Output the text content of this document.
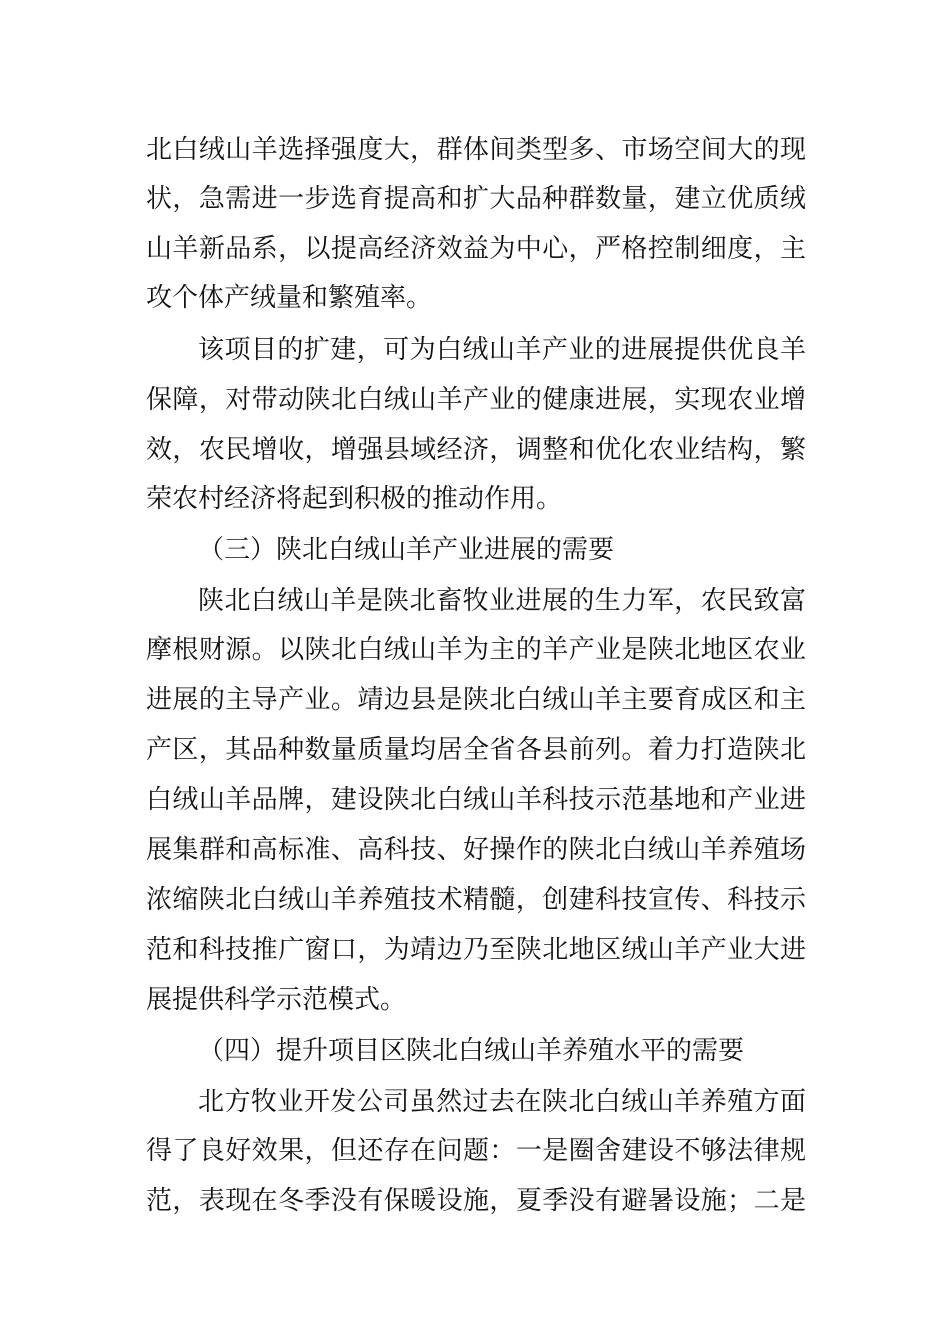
北白绒山羊选择强度大，群体间类型多、市场空间大的现
状，急需进一步选育提高和扩大品种群数量，建立优质绒
山羊新品系，以提高经济效益为中心，严格控制细度，主
攻个体产绒量和繁殖率。
该项目的扩建，可为白绒山羊产业的进展提供优良羊
保障，对带动陕北白绒山羊产业的健康进展，实现农业增
效，农民增收，增强县域经济，调整和优化农业结构，繁
荣农村经济将起到积极的推动作用。
（三）陕北白绒山羊产业进展的需要
陕北白绒山羊是陕北畜牧业进展的生力军，农民致富
摩根财源。以陕北白绒山羊为主的羊产业是陕北地区农业
进展的主导产业。靖边县是陕北白绒山羊主要育成区和主
产区，其品种数量质量均居全省各县前列。着力打造陕北
白绒山羊品牌，建设陕北白绒山羊科技示范基地和产业进
展集群和高标准、高科技、好操作的陕北白绒山羊养殖场
浓缩陕北白绒山羊养殖技术精髓，创建科技宣传、科技示
范和科技推广窗口，为靖边乃至陕北地区绒山羊产业大进
展提供科学示范模式。
（四）提升项目区陕北白绒山羊养殖水平的需要
北方牧业开发公司虽然过去在陕北白绒山羊养殖方面
得了良好效果，但还存在问题：一是圈舍建设不够法律规
范，表现在冬季没有保暖设施，夏季没有避暑设施；二是
